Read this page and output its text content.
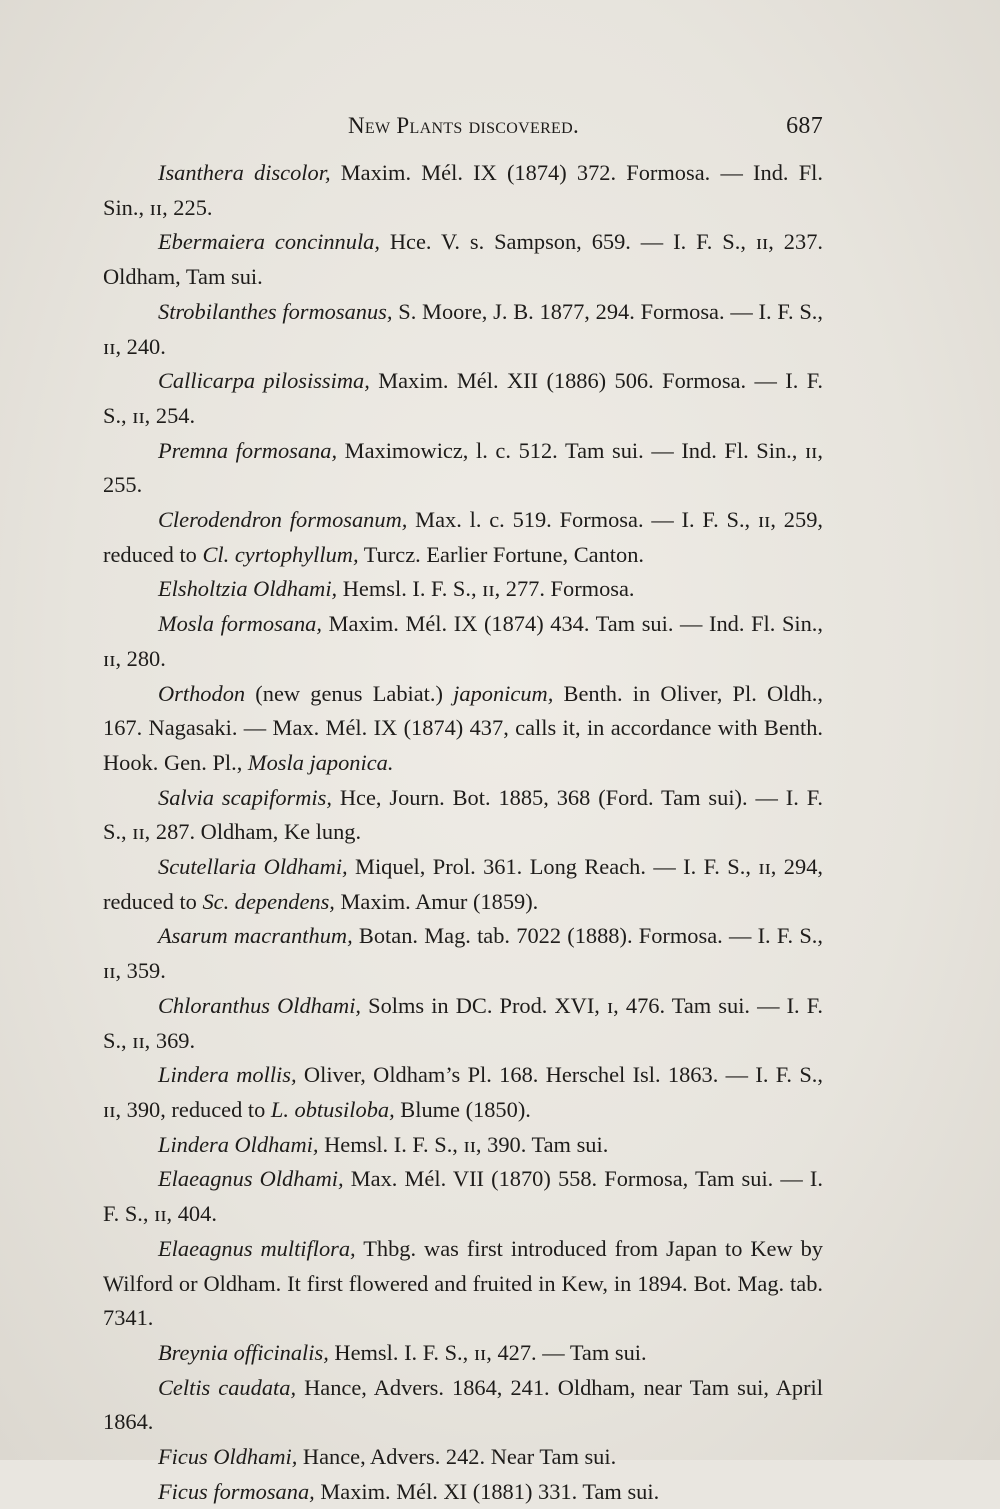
New Plants discovered.	687

Isanthera discolor, Maxim. Mél. IX (1874) 372. Formosa. — Ind. Fl. Sin., ɪɪ, 225.

Ebermaiera concinnula, Hce. V. s. Sampson, 659. — I. F. S., ɪɪ, 237. Oldham, Tam sui.

Strobilanthes formosanus, S. Moore, J. B. 1877, 294. Formosa. — I. F. S., ɪɪ, 240.

Callicarpa pilosissima, Maxim. Mél. XII (1886) 506. Formosa. — I. F. S., ɪɪ, 254.

Premna formosana, Maximowicz, l. c. 512. Tam sui. — Ind. Fl. Sin., ɪɪ, 255.

Clerodendron formosanum, Max. l. c. 519. Formosa. — I. F. S., ɪɪ, 259, reduced to Cl. cyrtophyllum, Turcz. Earlier Fortune, Canton.

Elsholtzia Oldhami, Hemsl. I. F. S., ɪɪ, 277. Formosa.

Mosla formosana, Maxim. Mél. IX (1874) 434. Tam sui. — Ind. Fl. Sin., ɪɪ, 280.

Orthodon (new genus Labiat.) japonicum, Benth. in Oliver, Pl. Oldh., 167. Nagasaki. — Max. Mél. IX (1874) 437, calls it, in accordance with Benth. Hook. Gen. Pl., Mosla japonica.

Salvia scapiformis, Hce, Journ. Bot. 1885, 368 (Ford. Tam sui). — I. F. S., ɪɪ, 287. Oldham, Ke lung.

Scutellaria Oldhami, Miquel, Prol. 361. Long Reach. — I. F. S., ɪɪ, 294, reduced to Sc. dependens, Maxim. Amur (1859).

Asarum macranthum, Botan. Mag. tab. 7022 (1888). Formosa. — I. F. S., ɪɪ, 359.

Chloranthus Oldhami, Solms in DC. Prod. XVI, ɪ, 476. Tam sui. — I. F. S., ɪɪ, 369.

Lindera mollis, Oliver, Oldham’s Pl. 168. Herschel Isl. 1863. — I. F. S., ɪɪ, 390, reduced to L. obtusiloba, Blume (1850).

Lindera Oldhami, Hemsl. I. F. S., ɪɪ, 390. Tam sui.

Elaeagnus Oldhami, Max. Mél. VII (1870) 558. Formosa, Tam sui. — I. F. S., ɪɪ, 404.

Elaeagnus multiflora, Thbg. was first introduced from Japan to Kew by Wilford or Oldham. It first flowered and fruited in Kew, in 1894. Bot. Mag. tab. 7341.

Breynia officinalis, Hemsl. I. F. S., ɪɪ, 427. — Tam sui.

Celtis caudata, Hance, Advers. 1864, 241. Oldham, near Tam sui, April 1864.

Ficus Oldhami, Hance, Advers. 242. Near Tam sui.

Ficus formosana, Maxim. Mél. XI (1881) 331. Tam sui.
